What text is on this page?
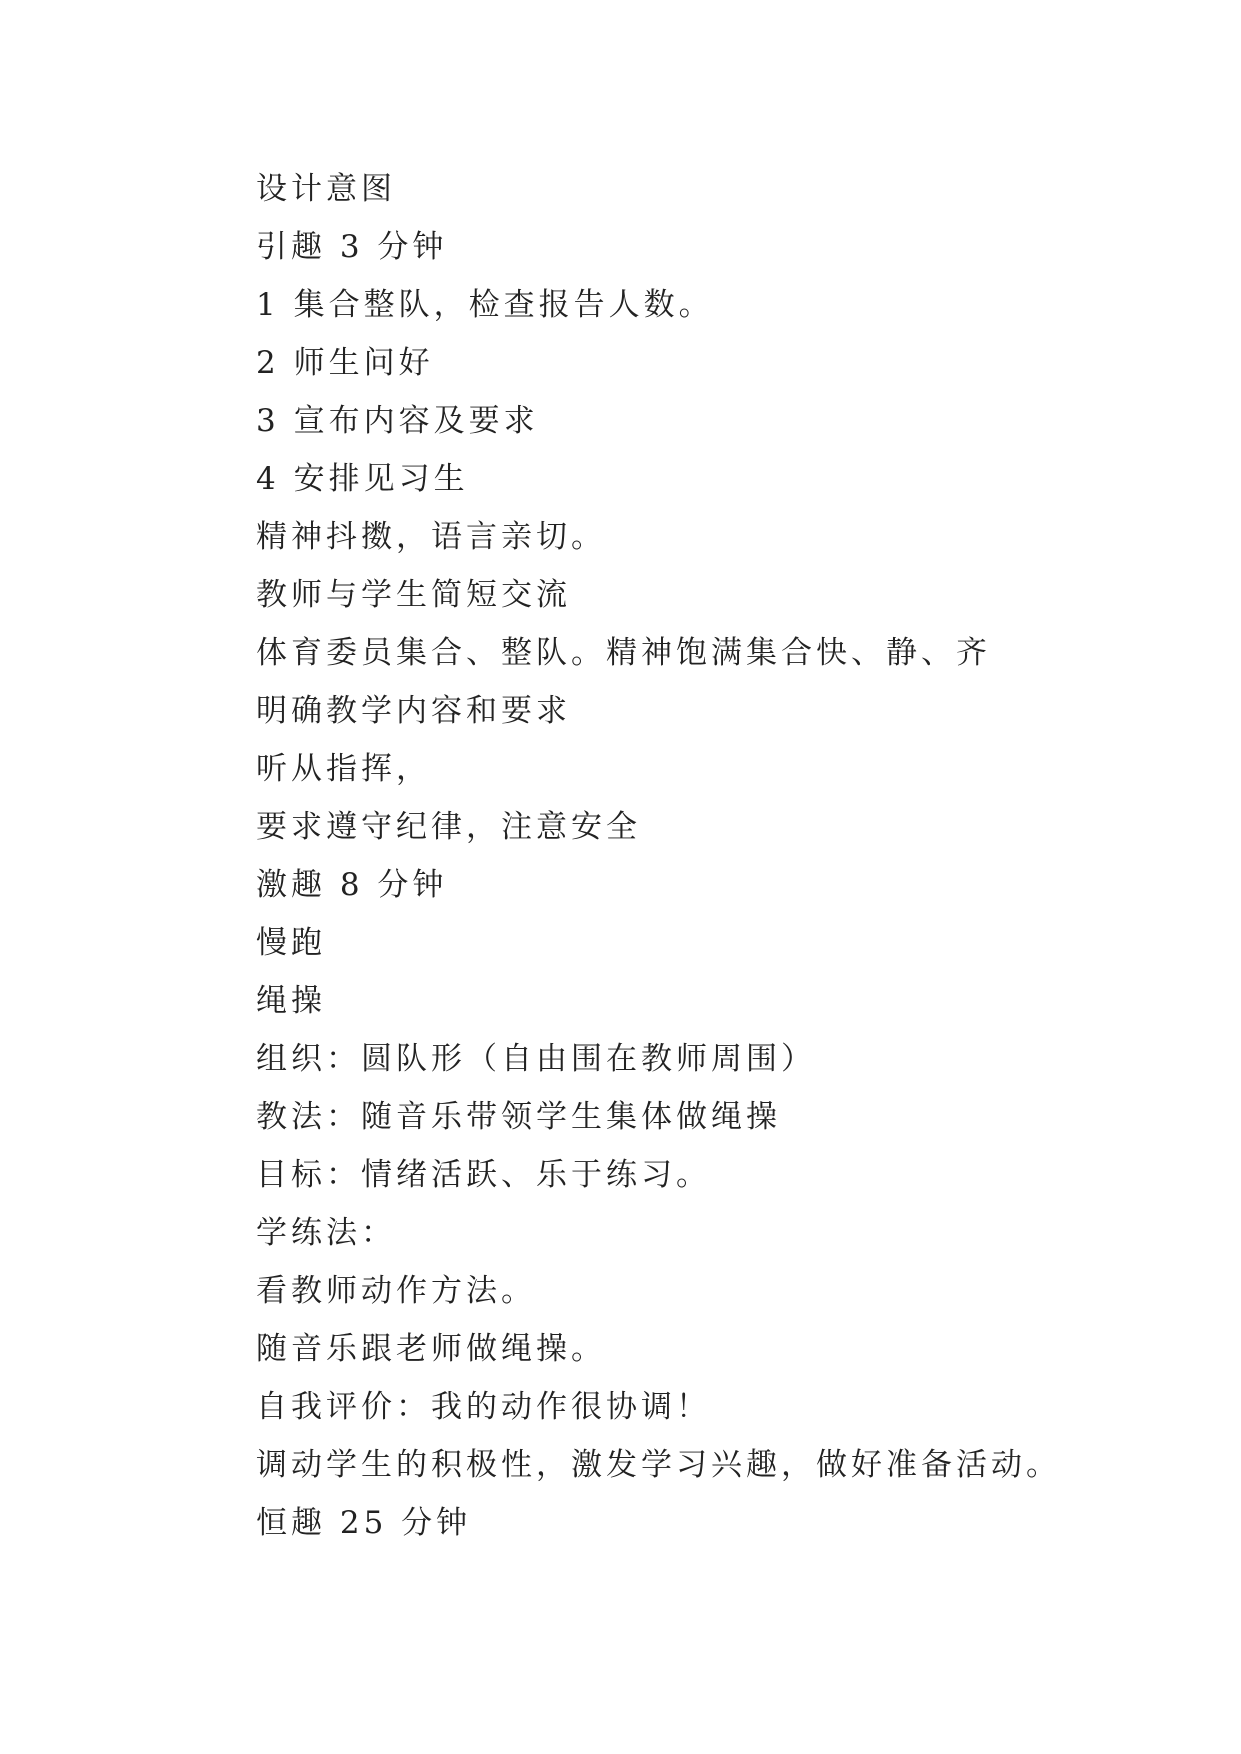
设计意图
引趣 3 分钟
1 集合整队，检查报告人数。
2 师生问好
3 宣布内容及要求
4 安排见习生
精神抖擞，语言亲切。
教师与学生简短交流
体育委员集合、整队。精神饱满集合快、静、齐
明确教学内容和要求
听从指挥，
要求遵守纪律，注意安全
激趣 8 分钟
慢跑
绳操
组织：圆队形（自由围在教师周围）
教法：随音乐带领学生集体做绳操
目标：情绪活跃、乐于练习。
学练法：
看教师动作方法。
随音乐跟老师做绳操。
自我评价：我的动作很协调！
调动学生的积极性，激发学习兴趣，做好准备活动。
恒趣 25 分钟
